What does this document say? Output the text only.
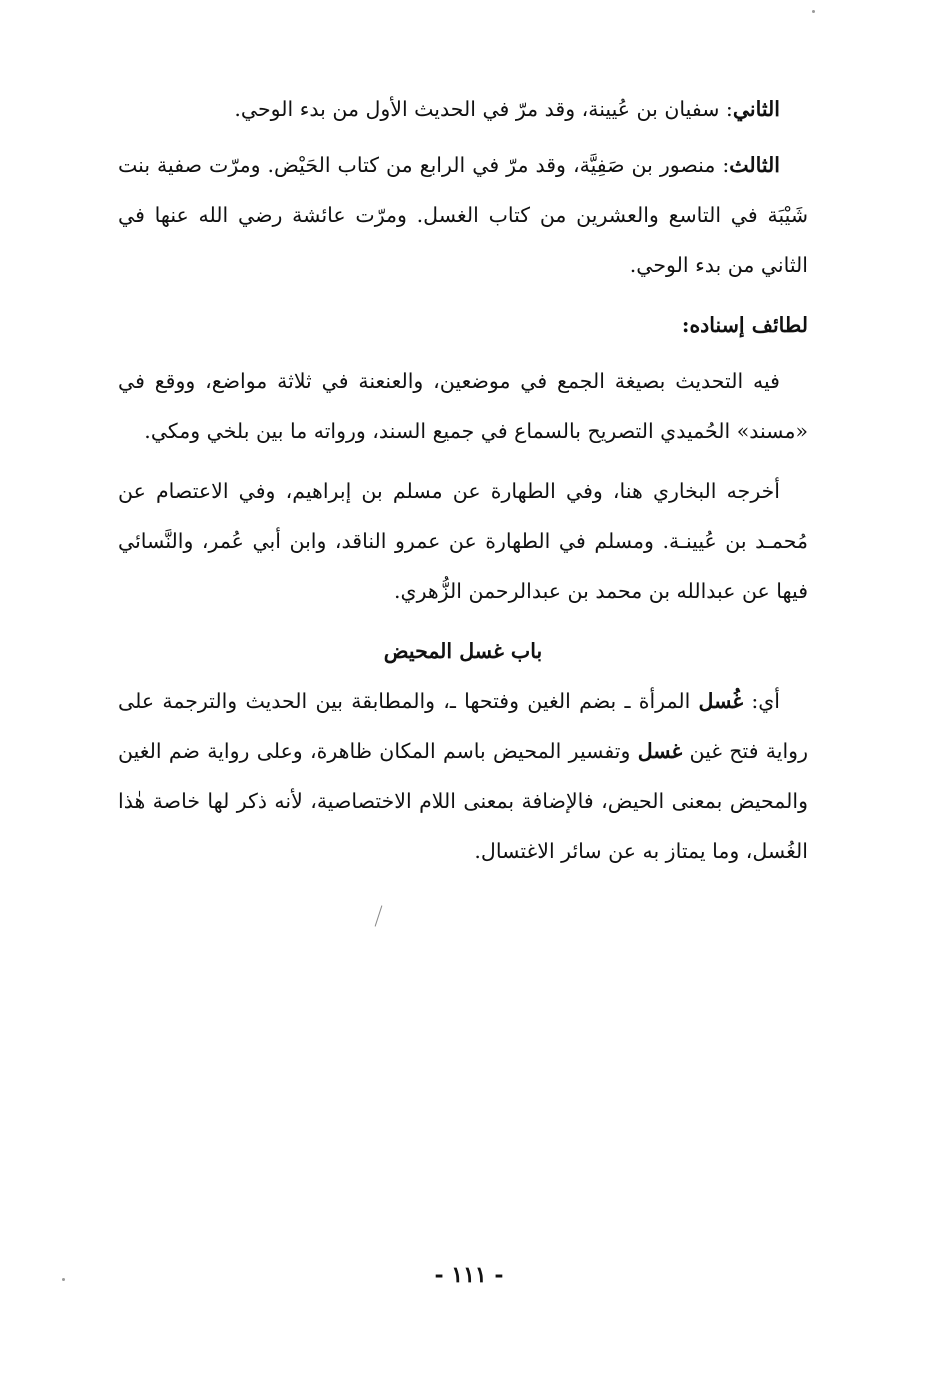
الثاني: سفيان بن عُيينة، وقد مرّ في الحديث الأول من بدء الوحي.

الثالث: منصور بن صَفِيَّة، وقد مرّ في الرابع من كتاب الحَيْض. ومرّت صفية بنت شَيْبَة في التاسع والعشرين من كتاب الغسل. ومرّت عائشة رضي الله عنها في الثاني من بدء الوحي.

لطائف إسناده:

فيه التحديث بصيغة الجمع في موضعين، والعنعنة في ثلاثة مواضع، ووقع في «مسند» الحُميدي التصريح بالسماع في جميع السند، ورواته ما بين بلخي ومكي.

أخرجه البخاري هنا، وفي الطهارة عن مسلم بن إبراهيم، وفي الاعتصام عن مُحمـد بن عُيينـة. ومسلم في الطهارة عن عمرو الناقد، وابن أبي عُمر، والنَّسائي فيها عن عبدالله بن محمد بن عبدالرحمن الزُّهري.

باب غسل المحيض

أي: غُسل المرأة ـ بضم الغين وفتحها ـ، والمطابقة بين الحديث والترجمة على رواية فتح غين غسل وتفسير المحيض باسم المكان ظاهرة، وعلى رواية ضم الغين والمحيض بمعنى الحيض، فالإضافة بمعنى اللام الاختصاصية، لأنه ذكر لها خاصة هٰذا الغُسل، وما يمتاز به عن سائر الاغتسال.

- ١١١ -
